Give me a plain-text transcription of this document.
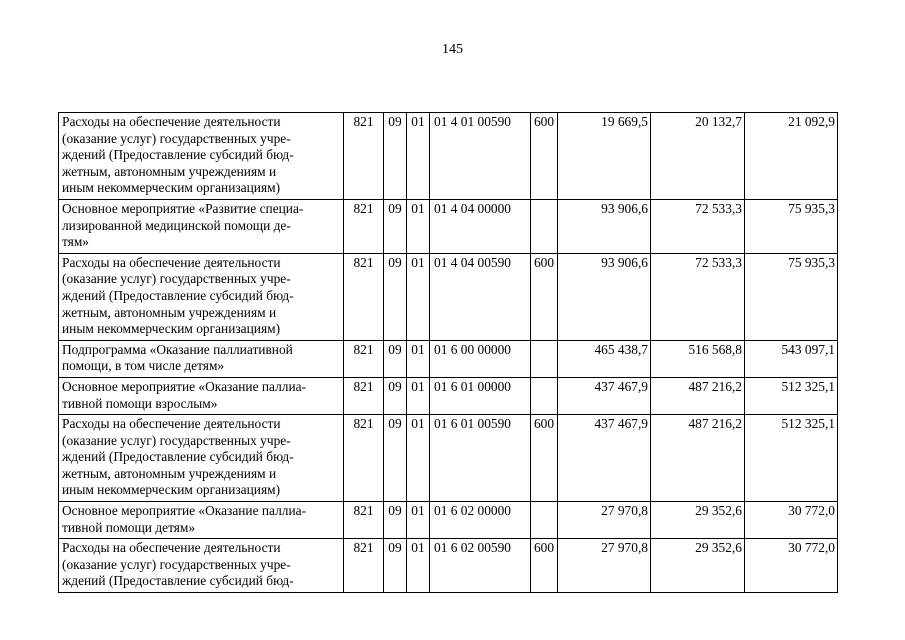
145
Расходы на обеспечение деятельности
(оказание услуг) государственных учре-
ждений (Предоставление субсидий бюд-
жетным, автономным учреждениям и
иным некоммерческим организациям)	821	09	01	01 4 01 00590	600	19 669,5	20 132,7	21 092,9

Основное мероприятие «Развитие специа-
лизированной медицинской помощи де-
тям»	821	09	01	01 4 04 00000		93 906,6	72 533,3	75 935,3

Расходы на обеспечение деятельности
(оказание услуг) государственных учре-
ждений (Предоставление субсидий бюд-
жетным, автономным учреждениям и
иным некоммерческим организациям)	821	09	01	01 4 04 00590	600	93 906,6	72 533,3	75 935,3

Подпрограмма «Оказание паллиативной
помощи, в том числе детям»	821	09	01	01 6 00 00000		465 438,7	516 568,8	543 097,1

Основное мероприятие «Оказание паллиа-
тивной помощи взрослым»	821	09	01	01 6 01 00000		437 467,9	487 216,2	512 325,1

Расходы на обеспечение деятельности
(оказание услуг) государственных учре-
ждений (Предоставление субсидий бюд-
жетным, автономным учреждениям и
иным некоммерческим организациям)	821	09	01	01 6 01 00590	600	437 467,9	487 216,2	512 325,1

Основное мероприятие «Оказание паллиа-
тивной помощи детям»	821	09	01	01 6 02 00000		27 970,8	29 352,6	30 772,0

Расходы на обеспечение деятельности
(оказание услуг) государственных учре-
ждений (Предоставление субсидий бюд-	821	09	01	01 6 02 00590	600	27 970,8	29 352,6	30 772,0
